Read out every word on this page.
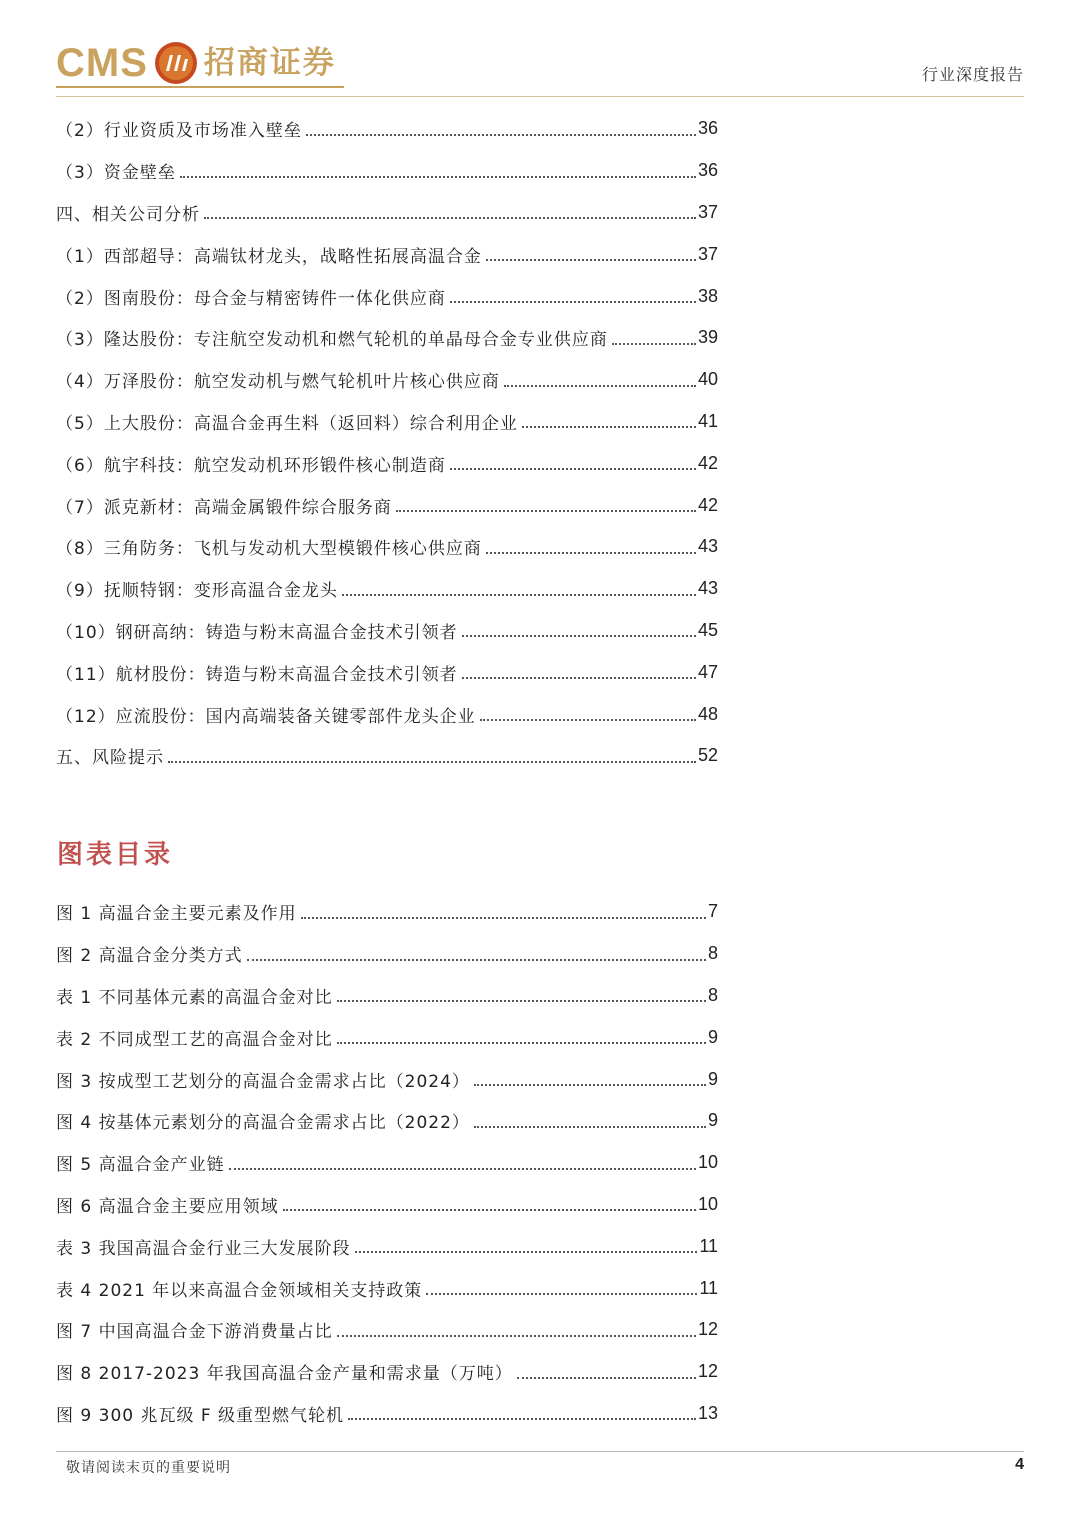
CMS 招商证券	行业深度报告
（2）行业资质及市场准入壁垒	36
（3）资金壁垒	36
四、相关公司分析	37
（1）西部超导：高端钛材龙头，战略性拓展高温合金	37
（2）图南股份：母合金与精密铸件一体化供应商	38
（3）隆达股份：专注航空发动机和燃气轮机的单晶母合金专业供应商	39
（4）万泽股份：航空发动机与燃气轮机叶片核心供应商	40
（5）上大股份：高温合金再生料（返回料）综合利用企业	41
（6）航宇科技：航空发动机环形锻件核心制造商	42
（7）派克新材：高端金属锻件综合服务商	42
（8）三角防务：飞机与发动机大型模锻件核心供应商	43
（9）抚顺特钢：变形高温合金龙头	43
（10）钢研高纳：铸造与粉末高温合金技术引领者	45
（11）航材股份：铸造与粉末高温合金技术引领者	47
（12）应流股份：国内高端装备关键零部件龙头企业	48
五、风险提示	52
图表目录
图 1 高温合金主要元素及作用	7
图 2 高温合金分类方式	8
表 1 不同基体元素的高温合金对比	8
表 2 不同成型工艺的高温合金对比	9
图 3 按成型工艺划分的高温合金需求占比（2024）	9
图 4 按基体元素划分的高温合金需求占比（2022）	9
图 5 高温合金产业链	10
图 6 高温合金主要应用领域	10
表 3 我国高温合金行业三大发展阶段	11
表 4 2021 年以来高温合金领域相关支持政策	11
图 7 中国高温合金下游消费量占比	12
图 8 2017-2023 年我国高温合金产量和需求量（万吨）	12
图 9 300 兆瓦级 F 级重型燃气轮机	13
敬请阅读末页的重要说明	4
